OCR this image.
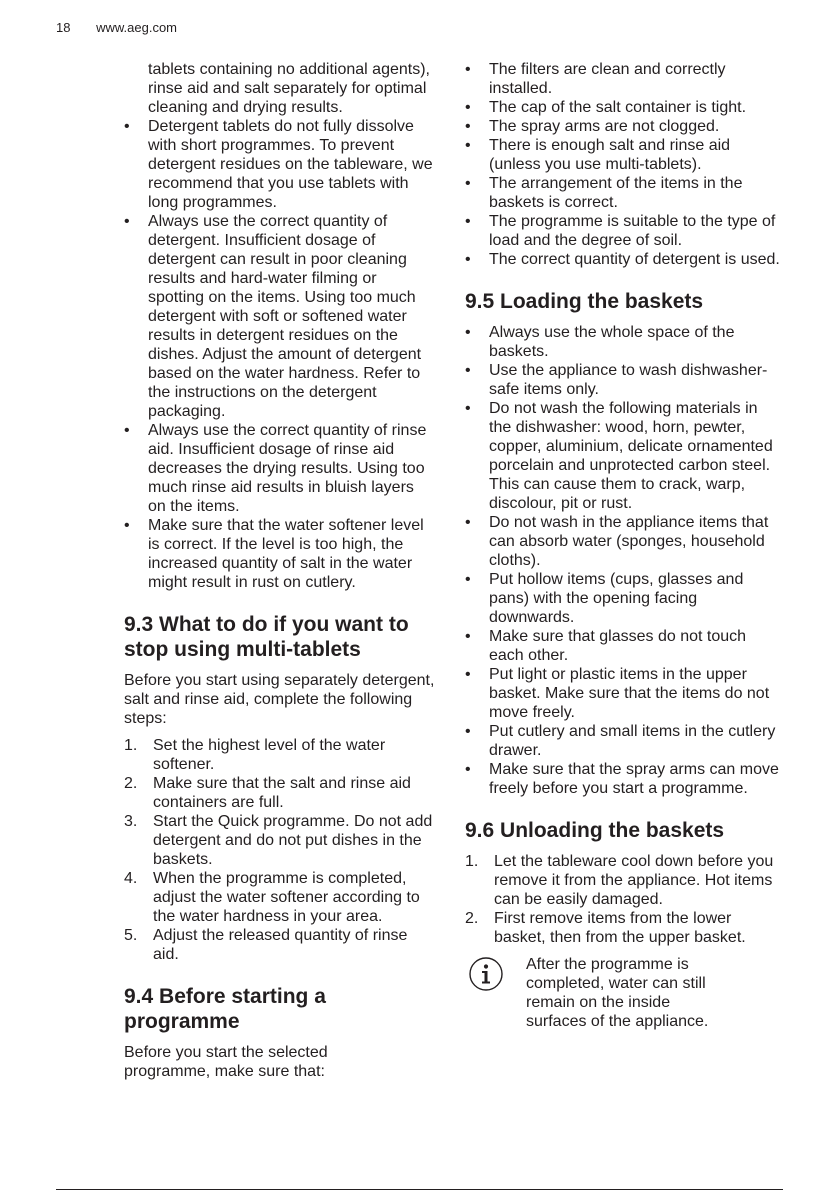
18 www.aeg.com

tablets containing no additional agents), rinse aid and salt separately for optimal cleaning and drying results.

•	Detergent tablets do not fully dissolve with short programmes. To prevent detergent residues on the tableware, we recommend that you use tablets with long programmes.
•	Always use the correct quantity of detergent. Insufficient dosage of detergent can result in poor cleaning results and hard-water filming or spotting on the items. Using too much detergent with soft or softened water results in detergent residues on the dishes. Adjust the amount of detergent based on the water hardness. Refer to the instructions on the detergent packaging.
•	Always use the correct quantity of rinse aid. Insufficient dosage of rinse aid decreases the drying results. Using too much rinse aid results in bluish layers on the items.
•	Make sure that the water softener level is correct. If the level is too high, the increased quantity of salt in the water might result in rust on cutlery.
9.3 What to do if you want to stop using multi-tablets

Before you start using separately detergent, salt and rinse aid, complete the following steps:

1. Set the highest level of the water softener.
2. Make sure that the salt and rinse aid containers are full.
3. Start the Quick programme. Do not add detergent and do not put dishes in the baskets.
4. When the programme is completed, adjust the water softener according to the water hardness in your area.
5. Adjust the released quantity of rinse aid.
9.4 Before starting a programme

Before you start the selected programme, make sure that:

•	The filters are clean and correctly installed.
•	The cap of the salt container is tight.
•	The spray arms are not clogged.
•	There is enough salt and rinse aid (unless you use multi-tablets).
•	The arrangement of the items in the baskets is correct.
•	The programme is suitable to the type of load and the degree of soil.
•	The correct quantity of detergent is used.
9.5 Loading the baskets
•	Always use the whole space of the baskets.
•	Use the appliance to wash dishwasher-safe items only.
•	Do not wash the following materials in the dishwasher: wood, horn, pewter, copper, aluminium, delicate ornamented porcelain and unprotected carbon steel. This can cause them to crack, warp, discolour, pit or rust.
•	Do not wash in the appliance items that can absorb water (sponges, household cloths).
•	Put hollow items (cups, glasses and pans) with the opening facing downwards.
•	Make sure that glasses do not touch each other.
•	Put light or plastic items in the upper basket. Make sure that the items do not move freely.
•	Put cutlery and small items in the cutlery drawer.
•	Make sure that the spray arms can move freely before you start a programme.
9.6 Unloading the baskets
1. Let the tableware cool down before you remove it from the appliance. Hot items can be easily damaged.
2. First remove items from the lower basket, then from the upper basket.

After the programme is completed, water can still remain on the inside surfaces of the appliance.
